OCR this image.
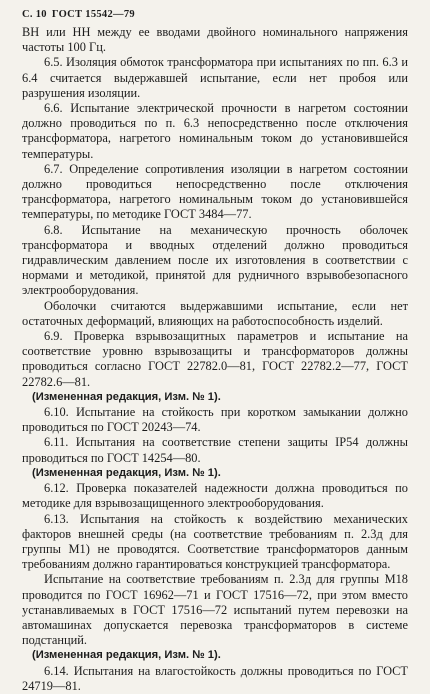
С. 10 ГОСТ 15542—79

ВН или НН между ее вводами двойного номинального напряжения частоты 100 Гц.

6.5. Изоляция обмоток трансформатора при испытаниях по пп. 6.3 и 6.4 считается выдержавшей испытание, если нет пробоя или разрушения изоляции.

6.6. Испытание электрической прочности в нагретом состоянии должно проводиться по п. 6.3 непосредственно после отключения трансформатора, нагретого номинальным током до установившейся температуры.

6.7. Определение сопротивления изоляции в нагретом состоянии должно проводиться непосредственно после отключения трансформатора, нагретого номинальным током до установившейся температуры, по методике ГОСТ 3484—77.

6.8. Испытание на механическую прочность оболочек трансформатора и вводных отделений должно проводиться гидравлическим давлением после их изготовления в соответствии с нормами и методикой, принятой для рудничного взрывобезопасного электрооборудования.

Оболочки считаются выдержавшими испытание, если нет остаточных деформаций, влияющих на работоспособность изделий.

6.9. Проверка взрывозащитных параметров и испытание на соответствие уровню взрывозащиты и трансформаторов должны проводиться согласно ГОСТ 22782.0—81, ГОСТ 22782.2—77, ГОСТ 22782.6—81.

(Измененная редакция, Изм. № 1).

6.10. Испытание на стойкость при коротком замыкании должно проводиться по ГОСТ 20243—74.

6.11. Испытания на соответствие степени защиты IP54 должны проводиться по ГОСТ 14254—80.

(Измененная редакция, Изм. № 1).

6.12. Проверка показателей надежности должна проводиться по методике для взрывозащищенного электрооборудования.

6.13. Испытания на стойкость к воздействию механических факторов внешней среды (на соответствие требованиям п. 2.3д для группы М1) не проводятся. Соответствие трансформаторов данным требованиям должно гарантироваться конструкцией трансформатора.

Испытание на соответствие требованиям п. 2.3д для группы М18 проводится по ГОСТ 16962—71 и ГОСТ 17516—72, при этом вместо устанавливаемых в ГОСТ 17516—72 испытаний путем перевозки на автомашинах допускается перевозка трансформаторов в системе подстанций.

(Измененная редакция, Изм. № 1).

6.14. Испытания на влагостойкость должны проводиться по ГОСТ 24719—81.
